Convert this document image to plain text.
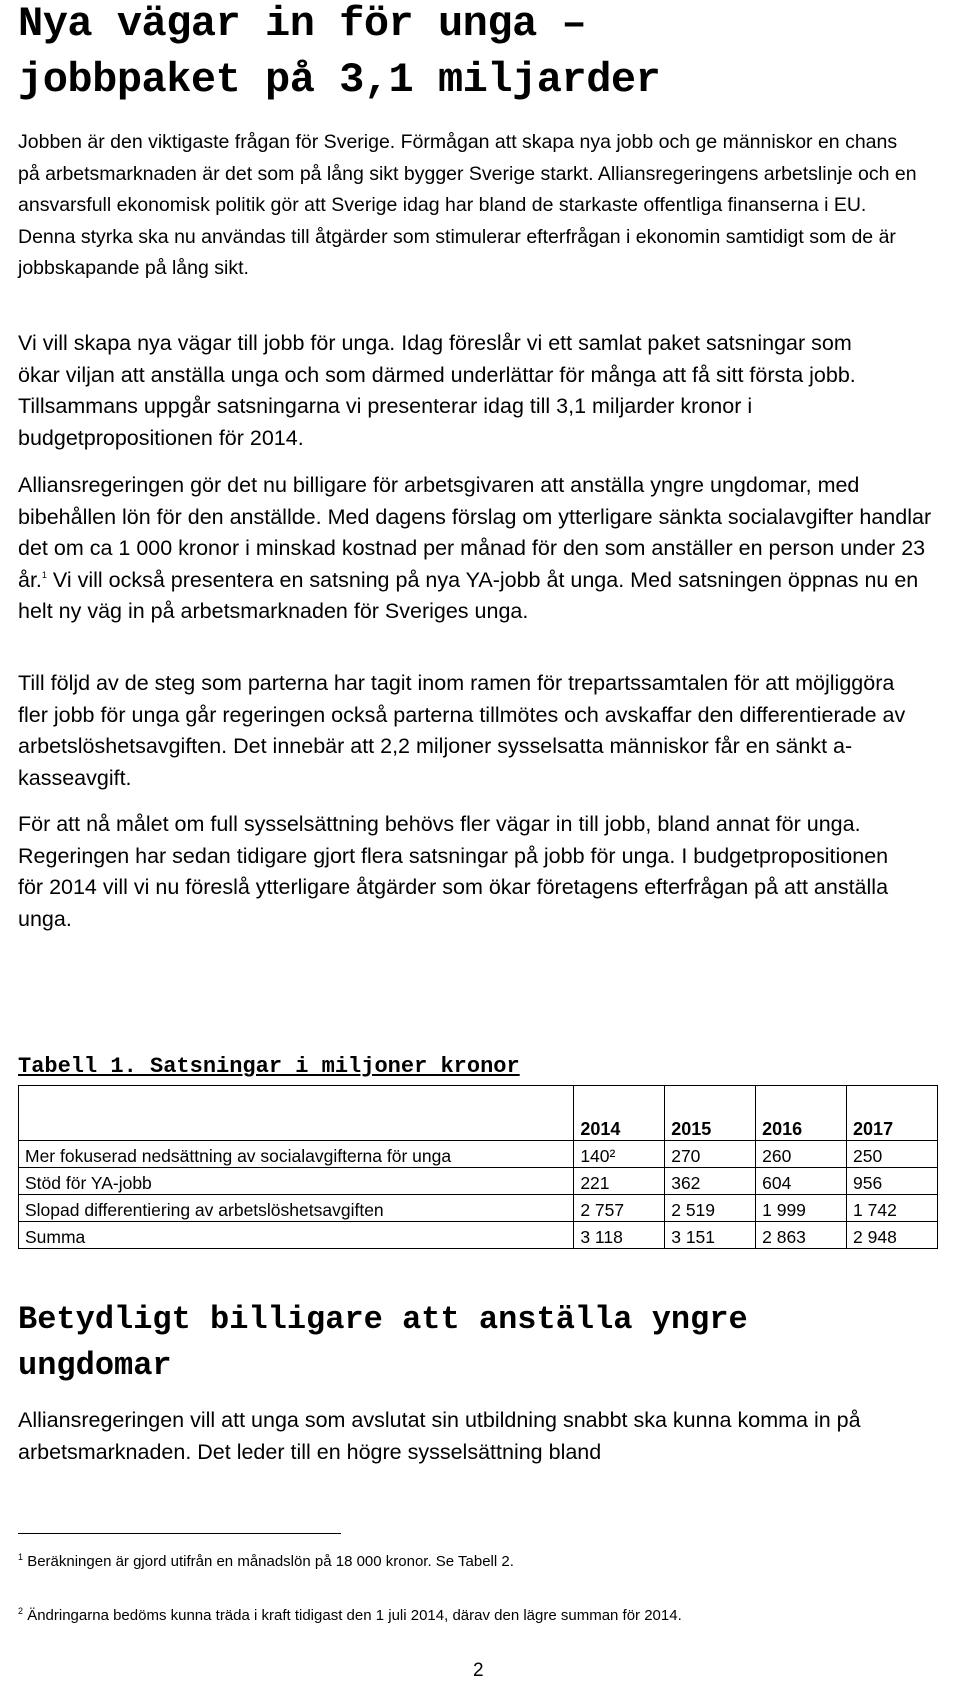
Nya vägar in för unga – jobbpaket på 3,1 miljarder

Jobben är den viktigaste frågan för Sverige. Förmågan att skapa nya jobb och ge människor en chans på arbetsmarknaden är det som på lång sikt bygger Sverige starkt. Alliansregeringens arbetslinje och en ansvarsfull ekonomisk politik gör att Sverige idag har bland de starkaste offentliga finanserna i EU. Denna styrka ska nu användas till åtgärder som stimulerar efterfrågan i ekonomin samtidigt som de är jobbskapande på lång sikt.

Vi vill skapa nya vägar till jobb för unga. Idag föreslår vi ett samlat paket satsningar som ökar viljan att anställa unga och som därmed underlättar för många att få sitt första jobb. Tillsammans uppgår satsningarna vi presenterar idag till 3,1 miljarder kronor i budgetpropositionen för 2014.

Alliansregeringen gör det nu billigare för arbetsgivaren att anställa yngre ungdomar, med bibehållen lön för den anställde. Med dagens förslag om ytterligare sänkta socialavgifter handlar det om ca 1 000 kronor i minskad kostnad per månad för den som anställer en person under 23 år.$^1$ Vi vill också presentera en satsning på nya YA-jobb åt unga. Med satsningen öppnas nu en helt ny väg in på arbetsmarknaden för Sveriges unga.

Till följd av de steg som parterna har tagit inom ramen för trepartssamtalen för att möjliggöra fler jobb för unga går regeringen också parterna tillmötes och avskaffar den differentierade av arbetslöshetsavgiften. Det innebär att 2,2 miljoner sysselsatta människor får en sänkt a-kasseavgift.

För att nå målet om full sysselsättning behövs fler vägar in till jobb, bland annat för unga. Regeringen har sedan tidigare gjort flera satsningar på jobb för unga. I budgetpropositionen för 2014 vill vi nu föreslå ytterligare åtgärder som ökar företagens efterfrågan på att anställa unga.

Tabell 1. Satsningar i miljoner kronor
	2014	2015	2016	2017
Mer fokuserad nedsättning av socialavgifterna för unga	140²	270	260	250
Stöd för YA-jobb	221	362	604	956
Slopad differentiering av arbetslöshetsavgiften	2 757	2 519	1 999	1 742
Summa	3 118	3 151	2 863	2 948
Betydligt billigare att anställa yngre ungdomar

Alliansregeringen vill att unga som avslutat sin utbildning snabbt ska kunna komma in på arbetsmarknaden. Det leder till en högre sysselsättning bland

$^1$ Beräkningen är gjord utifrån en månadslön på 18 000 kronor. Se Tabell 2.

$^2$ Ändringarna bedöms kunna träda i kraft tidigast den 1 juli 2014, därav den lägre summan för 2014.

2
